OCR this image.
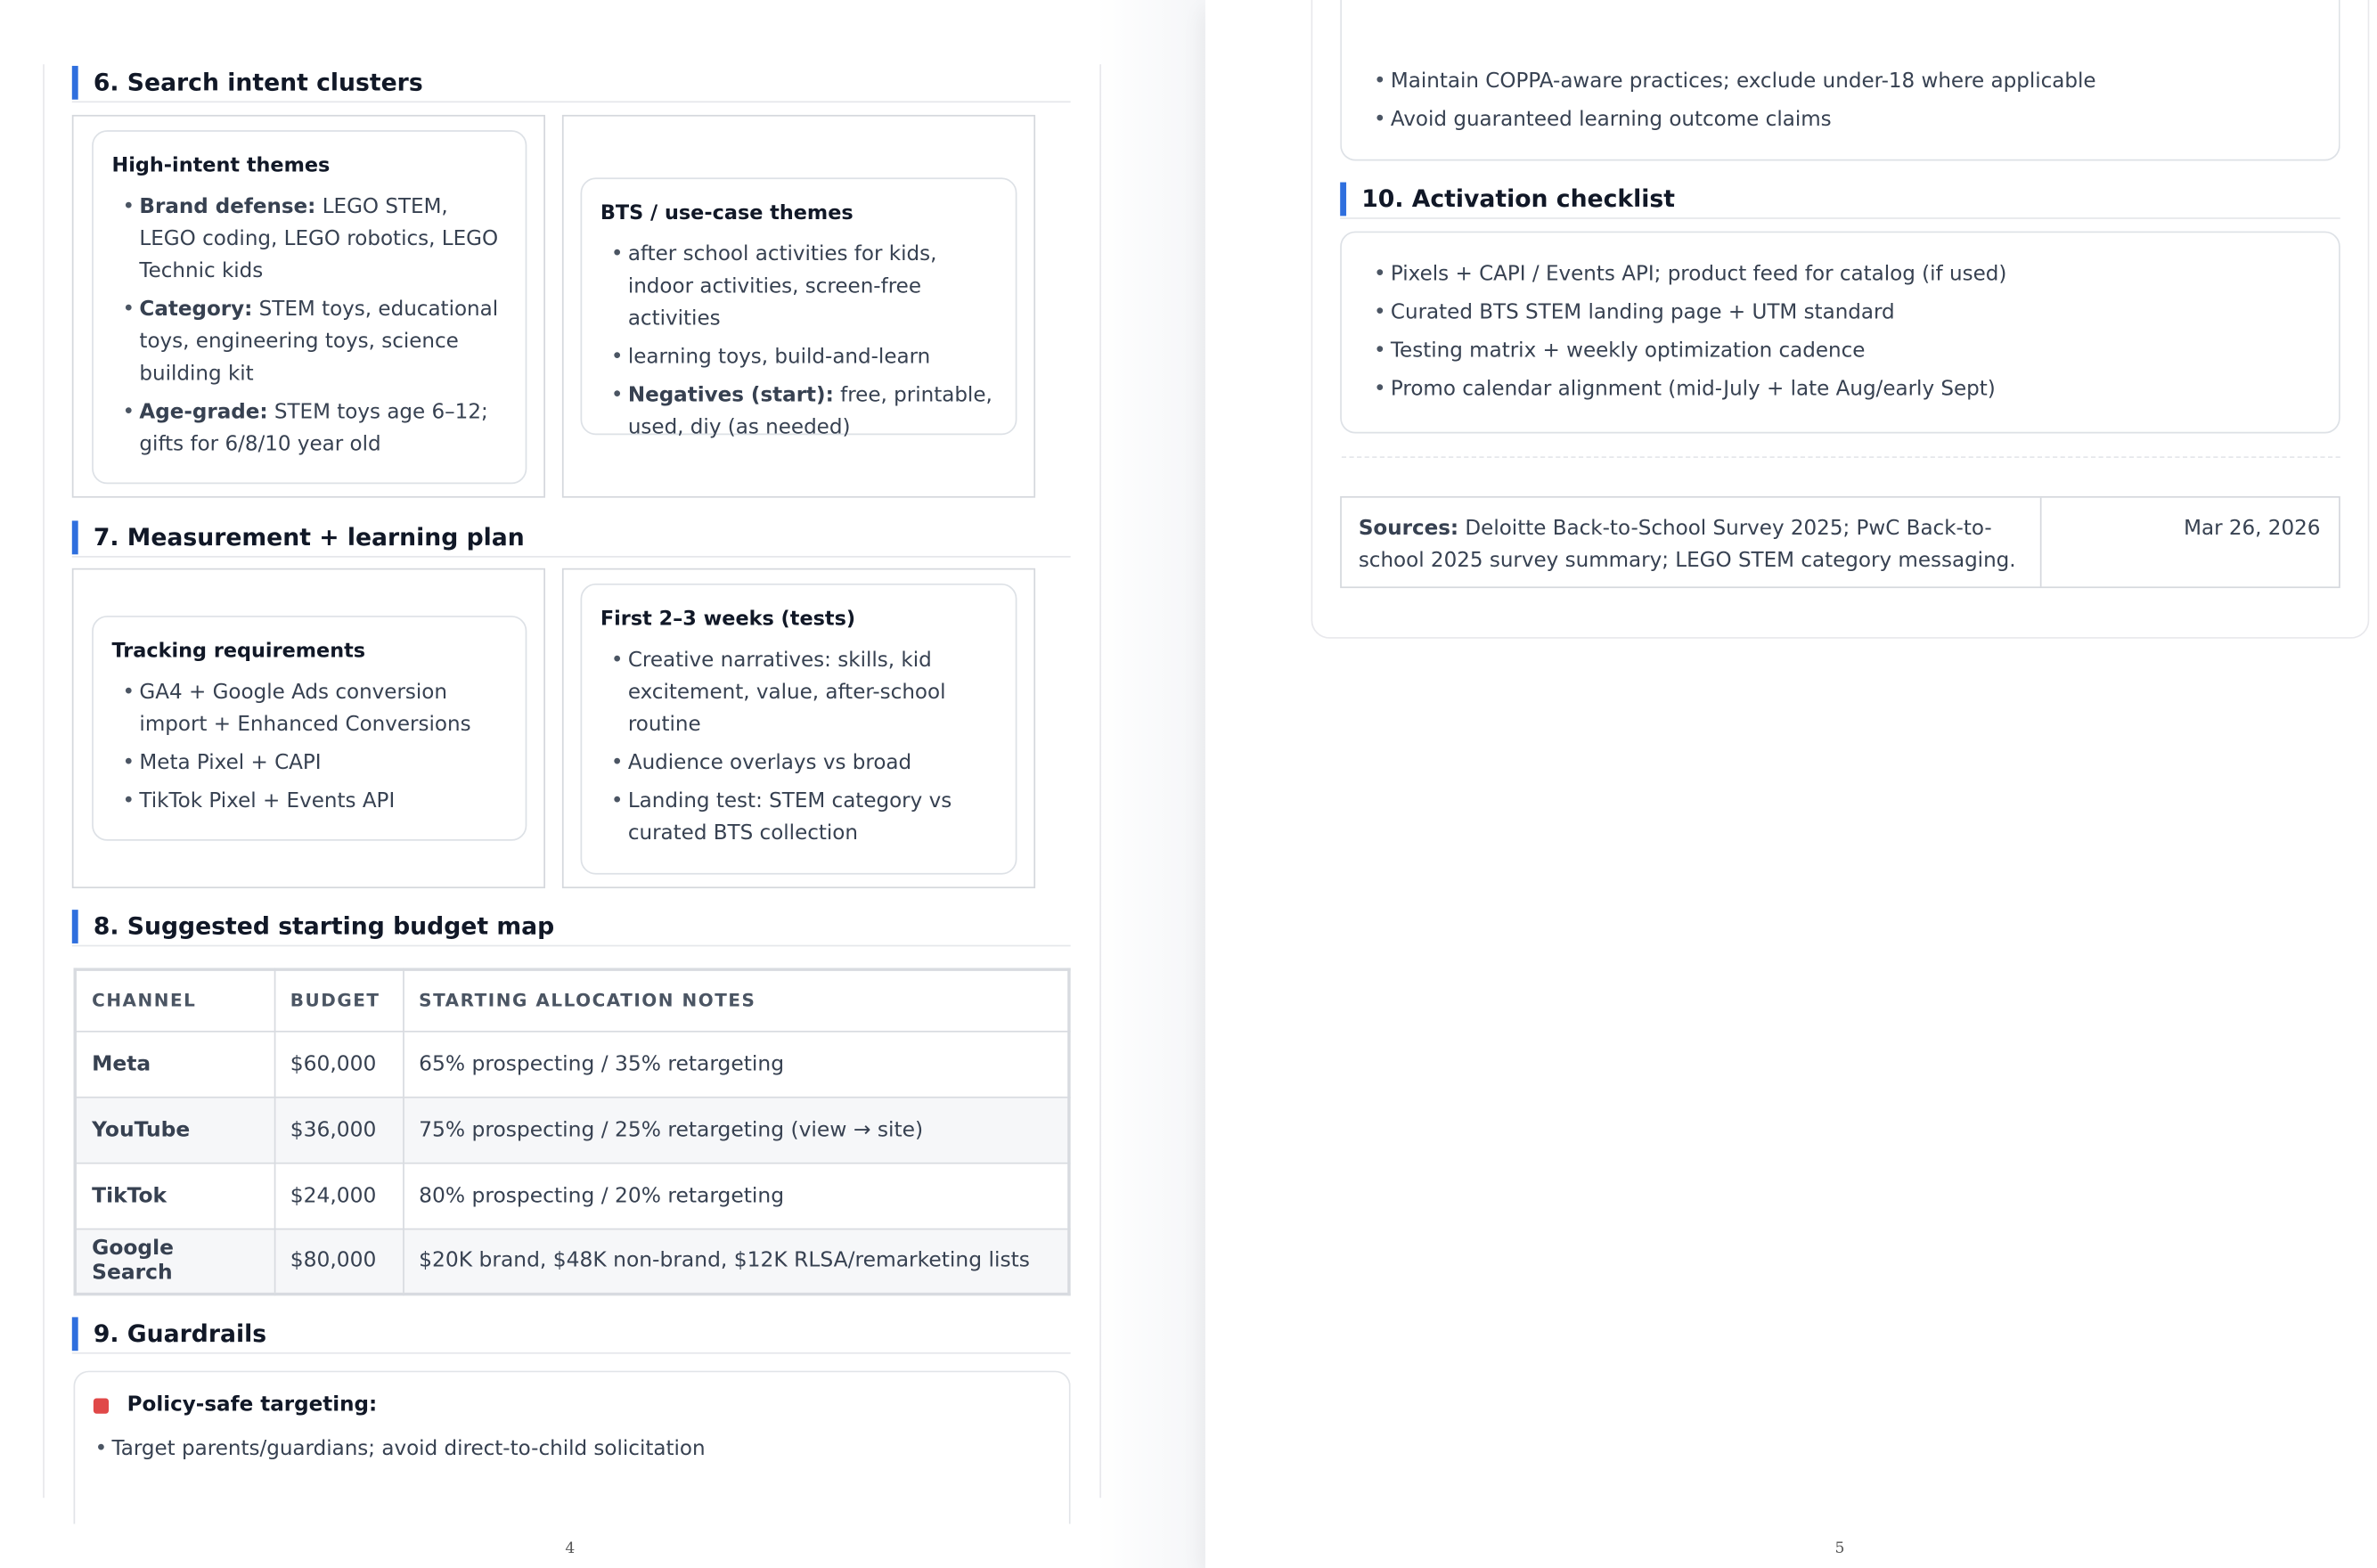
6. Search intent clusters
High-intent themes
• Brand defense: LEGO STEM, LEGO coding, LEGO robotics, LEGO Technic kids
• Category: STEM toys, educational toys, engineering toys, science building kit
• Age-grade: STEM toys age 6–12; gifts for 6/8/10 year old
BTS / use-case themes
• after school activities for kids, indoor activities, screen-free activities
• learning toys, build-and-learn
• Negatives (start): free, printable, used, diy (as needed)
7. Measurement + learning plan
Tracking requirements
• GA4 + Google Ads conversion import + Enhanced Conversions
• Meta Pixel + CAPI
• TikTok Pixel + Events API
First 2–3 weeks (tests)
• Creative narratives: skills, kid excitement, value, after-school routine
• Audience overlays vs broad
• Landing test: STEM category vs curated BTS collection
8. Suggested starting budget map
CHANNEL	BUDGET	STARTING ALLOCATION NOTES
Meta	$60,000	65% prospecting / 35% retargeting
YouTube	$36,000	75% prospecting / 25% retargeting (view → site)
TikTok	$24,000	80% prospecting / 20% retargeting
Google Search	$80,000	$20K brand, $48K non-brand, $12K RLSA/remarketing lists
9. Guardrails
Policy-safe targeting:
• Target parents/guardians; avoid direct-to-child solicitation
4
• Maintain COPPA-aware practices; exclude under-18 where applicable
• Avoid guaranteed learning outcome claims
10. Activation checklist
• Pixels + CAPI / Events API; product feed for catalog (if used)
• Curated BTS STEM landing page + UTM standard
• Testing matrix + weekly optimization cadence
• Promo calendar alignment (mid-July + late Aug/early Sept)
Sources: Deloitte Back-to-School Survey 2025; PwC Back-to-school 2025 survey summary; LEGO STEM category messaging.
Mar 26, 2026
5
